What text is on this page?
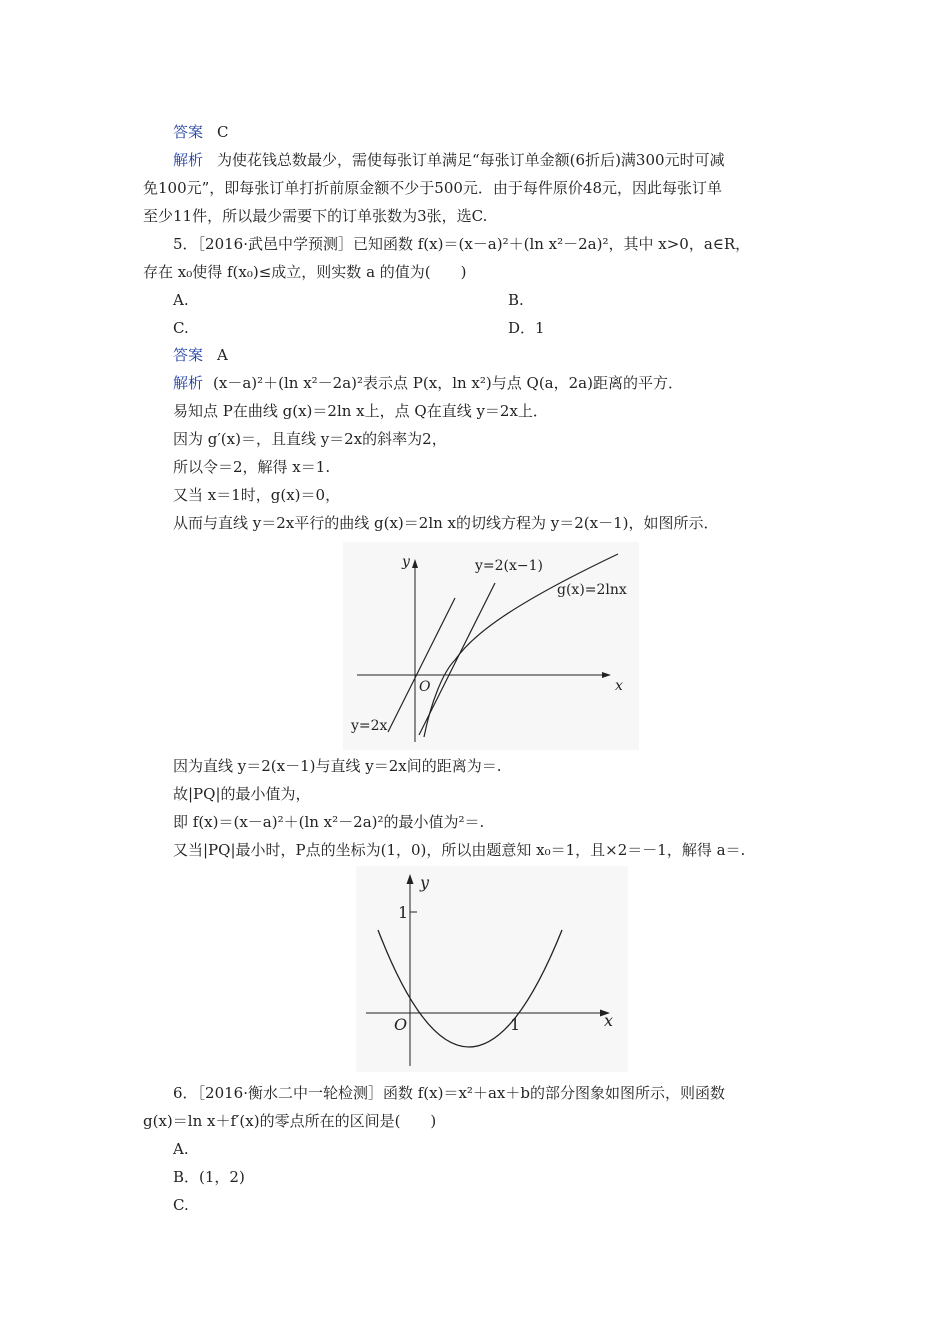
答案 C
解析 为使花钱总数最少，需使每张订单满足“每张订单金额(6折后)满300元时可减
免100元”，即每张订单打折前原金额不少于500元．由于每件原价48元，因此每张订单
至少11件，所以最少需要下的订单张数为3张，选C.
5．［2016·武邑中学预测］已知函数 f(x)＝(x－a)²＋(ln x²－2a)²，其中 x>0，a∈R，
存在 x₀使得 f(x₀)≤成立，则实数 a 的值为(　　)
A.	B.
C.	D．1
答案 A
解析 (x－a)²＋(ln x²－2a)²表示点 P(x，ln x²)与点 Q(a，2a)距离的平方．
易知点 P在曲线 g(x)＝2ln x上，点 Q在直线 y＝2x上．
因为 g′(x)＝，且直线 y＝2x的斜率为2，
所以令＝2，解得 x＝1.
又当 x＝1时，g(x)＝0，
从而与直线 y＝2x平行的曲线 g(x)＝2ln x的切线方程为 y＝2(x－1)，如图所示．
y
x
O
y=2(x−1)
g(x)=2lnx
y=2x
因为直线 y＝2(x－1)与直线 y＝2x间的距离为＝.
故|PQ|的最小值为，
即 f(x)＝(x－a)²＋(ln x²－2a)²的最小值为²＝.
又当|PQ|最小时，P点的坐标为(1，0)，所以由题意知 x₀＝1，且×2＝－1，解得 a＝.
y
x
O
1
1
6．［2016·衡水二中一轮检测］函数 f(x)＝x²＋ax＋b的部分图象如图所示，则函数
g(x)＝ln x＋f′(x)的零点所在的区间是(　　)
A.
B．(1，2)
C.
